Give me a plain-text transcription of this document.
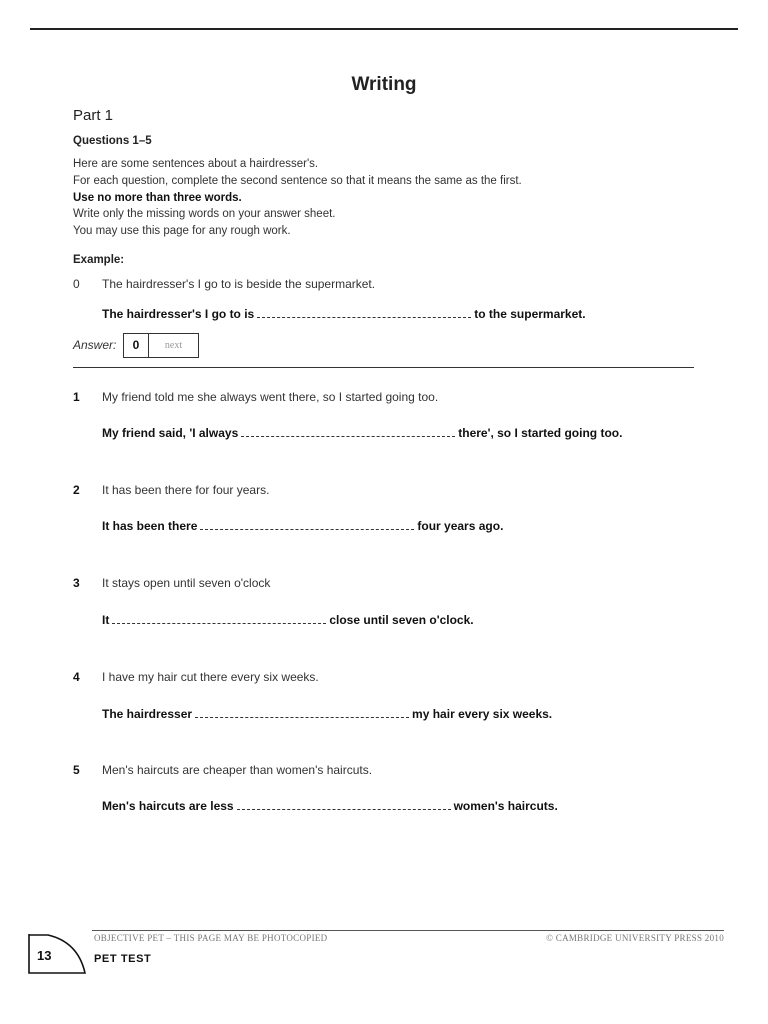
Writing
Part 1
Questions 1–5
Here are some sentences about a hairdresser's.
For each question, complete the second sentence so that it means the same as the first.
Use no more than three words.
Write only the missing words on your answer sheet.
You may use this page for any rough work.
Example:
0	The hairdresser's I go to is beside the supermarket.
The hairdresser's I go to is	to the supermarket.
Answer:	0	next
1	My friend told me she always went there, so I started going too.
My friend said, 'I always	there', so I started going too.
2	It has been there for four years.
It has been there	four years ago.
3	It stays open until seven o'clock
It	close until seven o'clock.
4	I have my hair cut there every six weeks.
The hairdresser	my hair every six weeks.
5	Men's haircuts are cheaper than women's haircuts.
Men's haircuts are less	women's haircuts.
13
OBJECTIVE PET – THIS PAGE MAY BE PHOTOCOPIED	© CAMBRIDGE UNIVERSITY PRESS 2010
PET TEST
